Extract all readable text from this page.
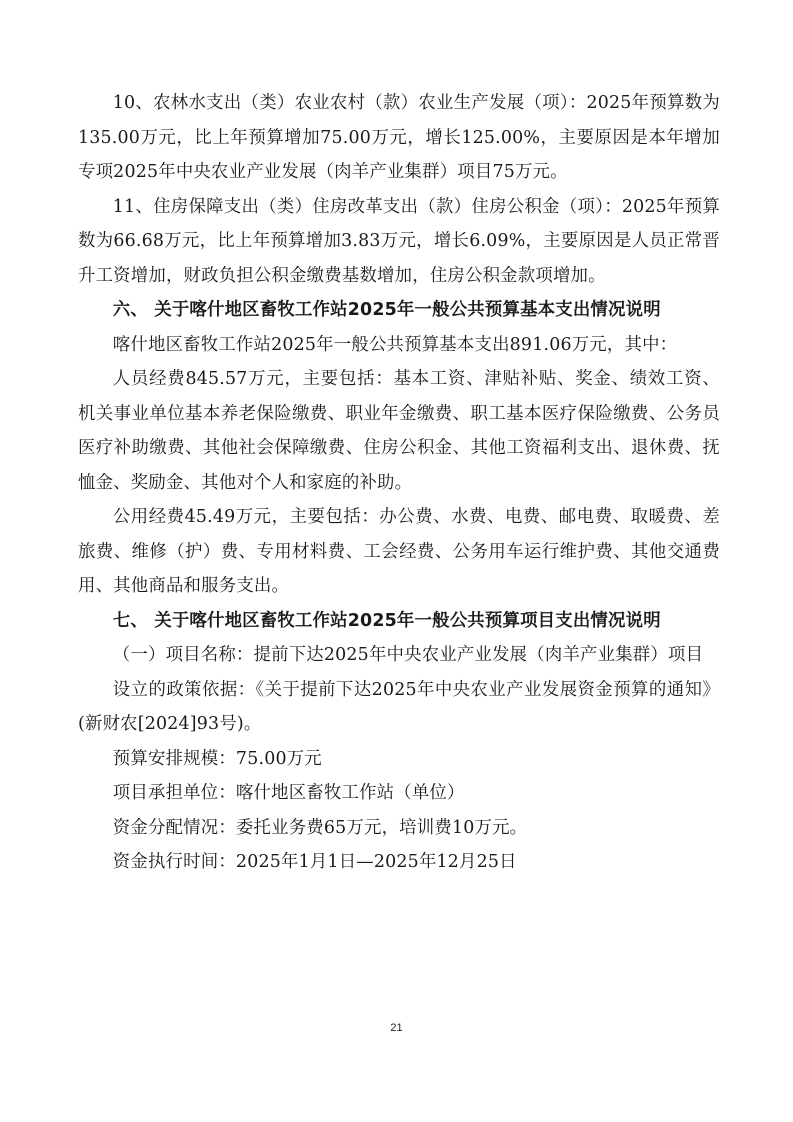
10、农林水支出（类）农业农村（款）农业生产发展（项）：2025年预算数为135.00万元，比上年预算增加75.00万元，增长125.00%，主要原因是本年增加专项2025年中央农业产业发展（肉羊产业集群）项目75万元。

11、住房保障支出（类）住房改革支出（款）住房公积金（项）：2025年预算数为66.68万元，比上年预算增加3.83万元，增长6.09%，主要原因是人员正常晋升工资增加，财政负担公积金缴费基数增加，住房公积金款项增加。

六、 关于喀什地区畜牧工作站2025年一般公共预算基本支出情况说明

喀什地区畜牧工作站2025年一般公共预算基本支出891.06万元，其中：

人员经费845.57万元，主要包括：基本工资、津贴补贴、奖金、绩效工资、机关事业单位基本养老保险缴费、职业年金缴费、职工基本医疗保险缴费、公务员医疗补助缴费、其他社会保障缴费、住房公积金、其他工资福利支出、退休费、抚恤金、奖励金、其他对个人和家庭的补助。

公用经费45.49万元，主要包括：办公费、水费、电费、邮电费、取暖费、差旅费、维修（护）费、专用材料费、工会经费、公务用车运行维护费、其他交通费用、其他商品和服务支出。

七、 关于喀什地区畜牧工作站2025年一般公共预算项目支出情况说明

（一）项目名称：提前下达2025年中央农业产业发展（肉羊产业集群）项目

设立的政策依据：《关于提前下达2025年中央农业产业发展资金预算的通知》(新财农[2024]93号)。

预算安排规模：75.00万元

项目承担单位：喀什地区畜牧工作站（单位）

资金分配情况：委托业务费65万元，培训费10万元。

资金执行时间：2025年1月1日—2025年12月25日

21
